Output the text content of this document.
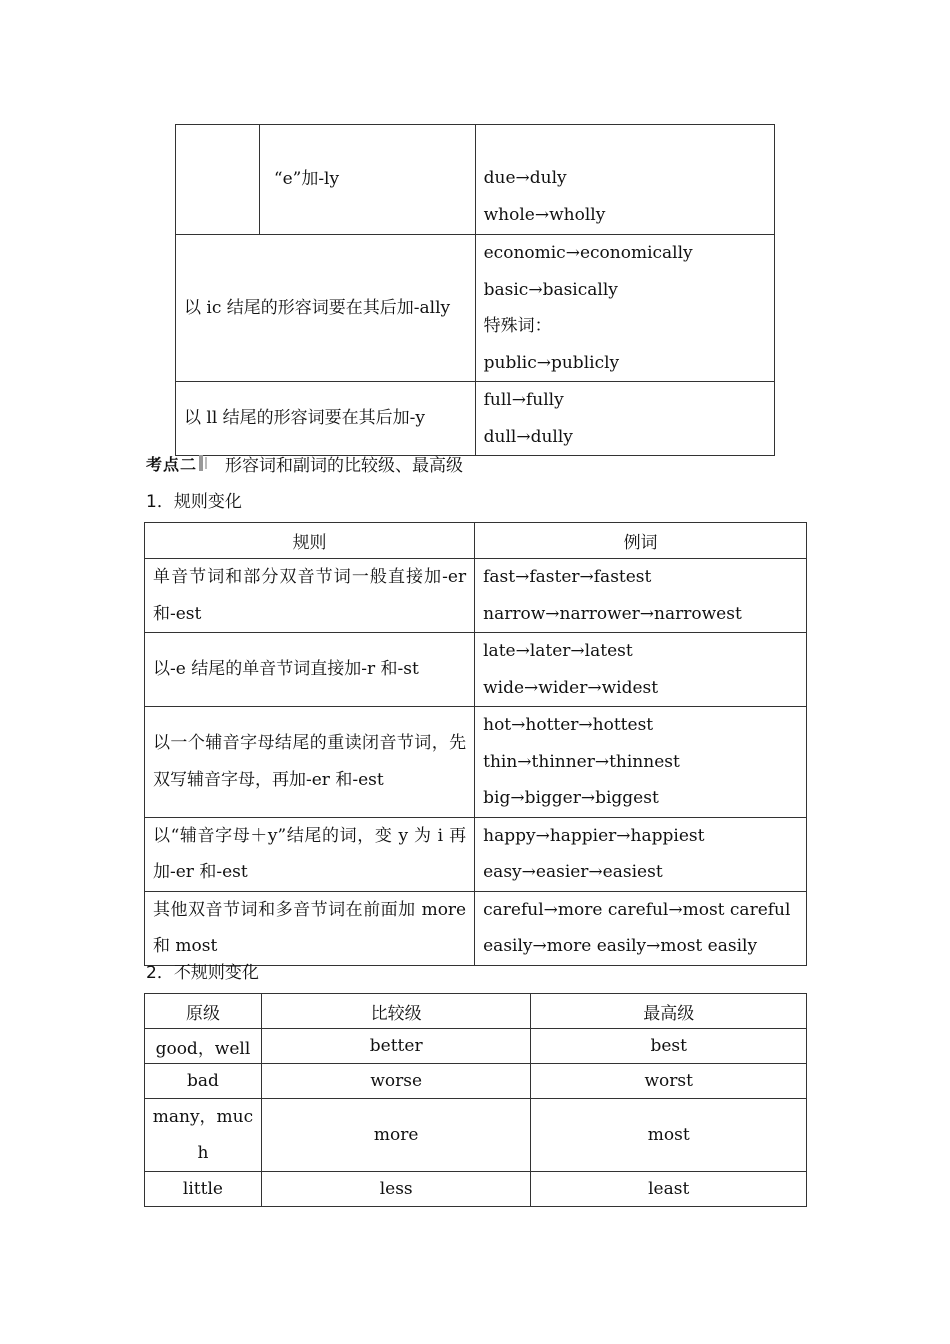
	“e”加-ly	due→duly
whole→wholly

以 ic 结尾的形容词要在其后加-ally		economic→economically
basic→basically
特殊词：
public→publicly

以 ll 结尾的形容词要在其后加-y		full→fully
dull→dully
考点二 形容词和副词的比较级、最高级
1．规则变化
规则	例词

单音节词和部分双音节词一般直接加-er 和-est	fast→faster→fastest
narrow→narrower→narrowest

以-e 结尾的单音节词直接加-r 和-st	late→later→latest
wide→wider→widest

以一个辅音字母结尾的重读闭音节词，先双写辅音字母，再加-er 和-est	hot→hotter→hottest
thin→thinner→thinnest
big→bigger→biggest

以“辅音字母＋y”结尾的词，变 y 为 i 再加-er 和-est	happy→happier→happiest
easy→easier→easiest

其他双音节词和多音节词在前面加 more 和 most	careful→more careful→most careful
easily→more easily→most easily
2．不规则变化
原级	比较级	最高级
good，well	better	best
bad	worse	worst
many，much	more	most
little	less	least
